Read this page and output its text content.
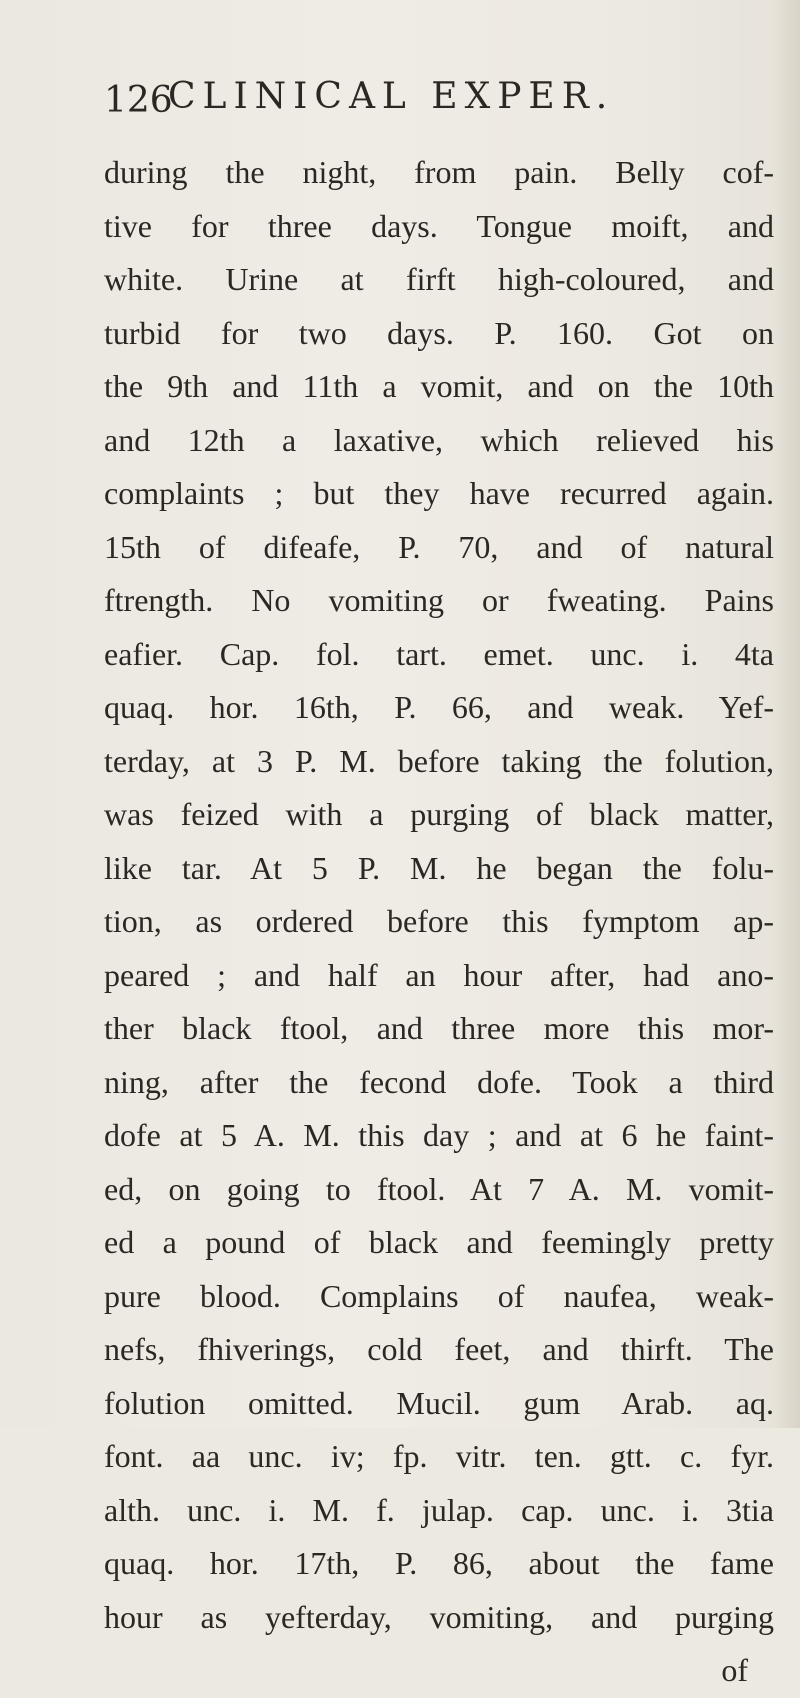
126
CLINICAL EXPER.
during the night, from pain. Belly cof-
tive for three days. Tongue moift, and
white. Urine at firft high-coloured, and
turbid for two days. P. 160. Got on
the 9th and 11th a vomit, and on the 10th
and 12th a laxative, which relieved his
complaints ; but they have recurred again.
15th of difeafe, P. 70, and of natural
ftrength. No vomiting or fweating. Pains
eafier. Cap. fol. tart. emet. unc. i. 4ta
quaq. hor. 16th, P. 66, and weak. Yef-
terday, at 3 P. M. before taking the folution,
was feized with a purging of black matter,
like tar. At 5 P. M. he began the folu-
tion, as ordered before this fymptom ap-
peared ; and half an hour after, had ano-
ther black ftool, and three more this mor-
ning, after the fecond dofe. Took a third
dofe at 5 A. M. this day ; and at 6 he faint-
ed, on going to ftool. At 7 A. M. vomit-
ed a pound of black and feemingly pretty
pure blood. Complains of naufea, weak-
nefs, fhiverings, cold feet, and thirft. The
folution omitted. Mucil. gum Arab. aq.
font. aa unc. iv; fp. vitr. ten. gtt. c. fyr.
alth. unc. i. M. f. julap. cap. unc. i. 3tia
quaq. hor. 17th, P. 86, about the fame
hour as yefterday, vomiting, and purging
of
